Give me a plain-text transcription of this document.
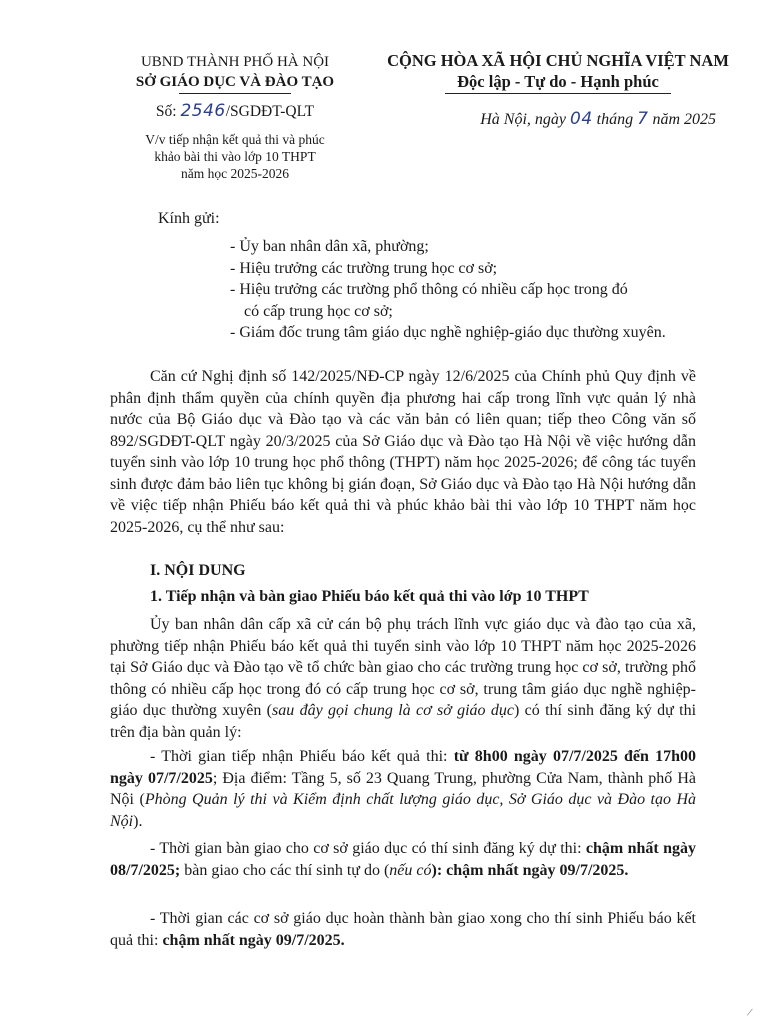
UBND THÀNH PHỐ HÀ NỘI
SỞ GIÁO DỤC VÀ ĐÀO TẠO
Số: 2546/SGDĐT-QLT
V/v tiếp nhận kết quả thi và phúc
khảo bài thi vào lớp 10 THPT
năm học 2025-2026
CỘNG HÒA XÃ HỘI CHỦ NGHĨA VIỆT NAM
Độc lập - Tự do - Hạnh phúc
Hà Nội, ngày 04 tháng 7 năm 2025
Kính gửi:

- Ủy ban nhân dân xã, phường;

- Hiệu trưởng các trường trung học cơ sở;

- Hiệu trưởng các trường phổ thông có nhiều cấp học trong đó

có cấp trung học cơ sở;

- Giám đốc trung tâm giáo dục nghề nghiệp-giáo dục thường xuyên.

Căn cứ Nghị định số 142/2025/NĐ-CP ngày 12/6/2025 của Chính phủ Quy định về phân định thẩm quyền của chính quyền địa phương hai cấp trong lĩnh vực quản lý nhà nước của Bộ Giáo dục và Đào tạo và các văn bản có liên quan; tiếp theo Công văn số 892/SGDĐT-QLT ngày 20/3/2025 của Sở Giáo dục và Đào tạo Hà Nội về việc hướng dẫn tuyển sinh vào lớp 10 trung học phổ thông (THPT) năm học 2025-2026; để công tác tuyển sinh được đảm bảo liên tục không bị gián đoạn, Sở Giáo dục và Đào tạo Hà Nội hướng dẫn về việc tiếp nhận Phiếu báo kết quả thi và phúc khảo bài thi vào lớp 10 THPT năm học 2025-2026, cụ thể như sau:
I. NỘI DUNG
1. Tiếp nhận và bàn giao Phiếu báo kết quả thi vào lớp 10 THPT
Ủy ban nhân dân cấp xã cử cán bộ phụ trách lĩnh vực giáo dục và đào tạo của xã, phường tiếp nhận Phiếu báo kết quả thi tuyển sinh vào lớp 10 THPT năm học 2025-2026 tại Sở Giáo dục và Đào tạo về tổ chức bàn giao cho các trường trung học cơ sở, trường phổ thông có nhiều cấp học trong đó có cấp trung học cơ sở, trung tâm giáo dục nghề nghiệp-giáo dục thường xuyên (sau đây gọi chung là cơ sở giáo dục) có thí sinh đăng ký dự thi trên địa bàn quản lý:
- Thời gian tiếp nhận Phiếu báo kết quả thi: từ 8h00 ngày 07/7/2025 đến 17h00 ngày 07/7/2025; Địa điểm: Tầng 5, số 23 Quang Trung, phường Cửa Nam, thành phố Hà Nội (Phòng Quản lý thi và Kiểm định chất lượng giáo dục, Sở Giáo dục và Đào tạo Hà Nội).
- Thời gian bàn giao cho cơ sở giáo dục có thí sinh đăng ký dự thi: chậm nhất ngày 08/7/2025; bàn giao cho các thí sinh tự do (nếu có): chậm nhất ngày 09/7/2025.
- Thời gian các cơ sở giáo dục hoàn thành bàn giao xong cho thí sinh Phiếu báo kết quả thi: chậm nhất ngày 09/7/2025.
/
